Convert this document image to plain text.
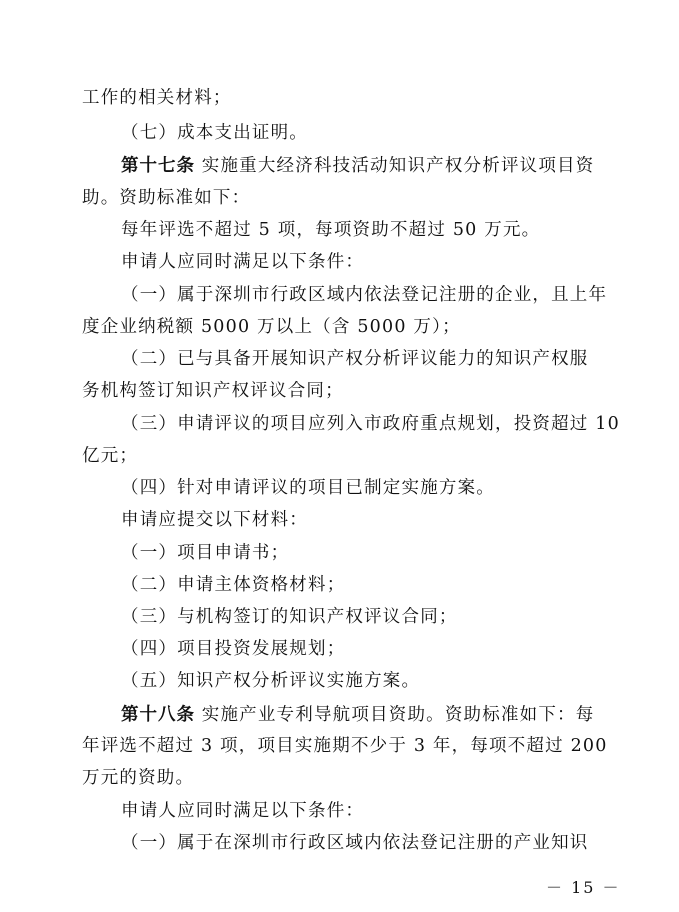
工作的相关材料；
（七）成本支出证明。
第十七条 实施重大经济科技活动知识产权分析评议项目资
助。资助标准如下：
每年评选不超过 5 项，每项资助不超过 50 万元。
申请人应同时满足以下条件：
（一）属于深圳市行政区域内依法登记注册的企业，且上年
度企业纳税额 5000 万以上（含 5000 万）；
（二）已与具备开展知识产权分析评议能力的知识产权服
务机构签订知识产权评议合同；
（三）申请评议的项目应列入市政府重点规划，投资超过 10
亿元；
（四）针对申请评议的项目已制定实施方案。
申请应提交以下材料：
（一）项目申请书；
（二）申请主体资格材料；
（三）与机构签订的知识产权评议合同；
（四）项目投资发展规划；
（五）知识产权分析评议实施方案。
第十八条 实施产业专利导航项目资助。资助标准如下：每
年评选不超过 3 项，项目实施期不少于 3 年，每项不超过 200
万元的资助。
申请人应同时满足以下条件：
（一）属于在深圳市行政区域内依法登记注册的产业知识
－ 15 －
